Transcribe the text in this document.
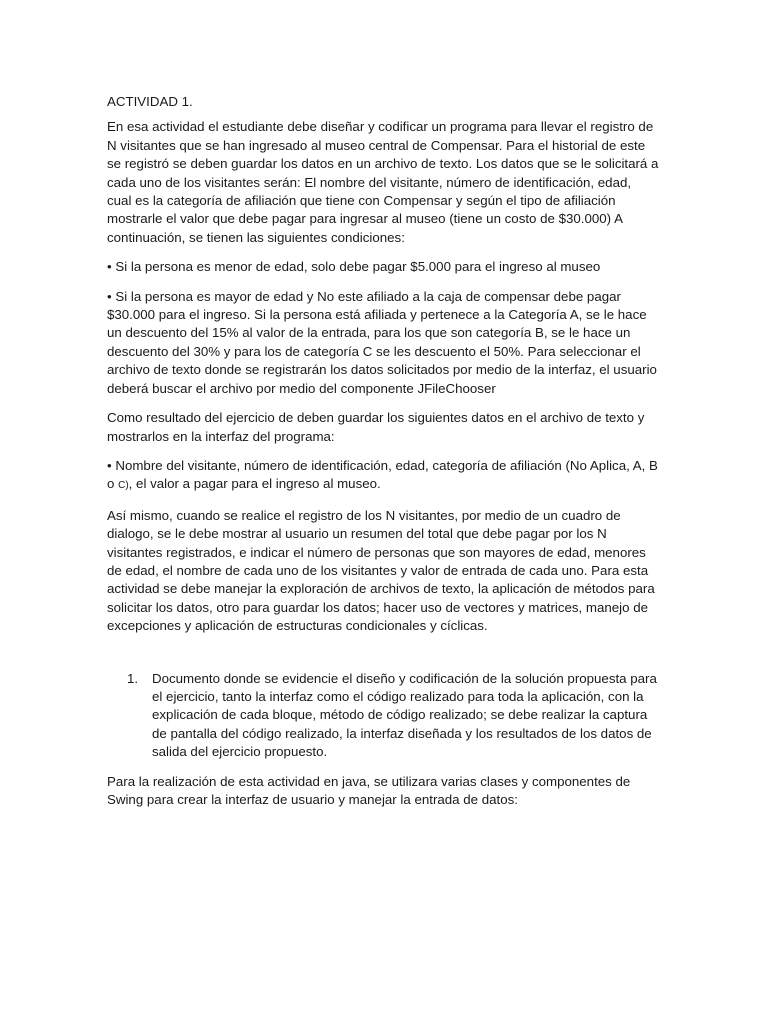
ACTIVIDAD 1.

En esa actividad el estudiante debe diseñar y codificar un programa para llevar el registro de N visitantes que se han ingresado al museo central de Compensar. Para el historial de este se registró se deben guardar los datos en un archivo de texto. Los datos que se le solicitará a cada uno de los visitantes serán: El nombre del visitante, número de identificación, edad, cual es la categoría de afiliación que tiene con Compensar y según el tipo de afiliación mostrarle el valor que debe pagar para ingresar al museo (tiene un costo de $30.000) A continuación, se tienen las siguientes condiciones:

• Si la persona es menor de edad, solo debe pagar $5.000 para el ingreso al museo

• Si la persona es mayor de edad y No este afiliado a la caja de compensar debe pagar $30.000 para el ingreso. Si la persona está afiliada y pertenece a la Categoría A, se le hace un descuento del 15% al valor de la entrada, para los que son categoría B, se le hace un descuento del 30% y para los de categoría C se les descuento el 50%. Para seleccionar el archivo de texto donde se registrarán los datos solicitados por medio de la interfaz, el usuario deberá buscar el archivo por medio del componente JFileChooser

Como resultado del ejercicio de deben guardar los siguientes datos en el archivo de texto y mostrarlos en la interfaz del programa:

• Nombre del visitante, número de identificación, edad, categoría de afiliación (No Aplica, A, B o C), el valor a pagar para el ingreso al museo.

Así mismo, cuando se realice el registro de los N visitantes, por medio de un cuadro de dialogo, se le debe mostrar al usuario un resumen del total que debe pagar por los N visitantes registrados, e indicar el número de personas que son mayores de edad, menores de edad, el nombre de cada uno de los visitantes y valor de entrada de cada uno. Para esta actividad se debe manejar la exploración de archivos de texto, la aplicación de métodos para solicitar los datos, otro para guardar los datos; hacer uso de vectores y matrices, manejo de excepciones y aplicación de estructuras condicionales y cíclicas.

1.	Documento donde se evidencie el diseño y codificación de la solución propuesta para el ejercicio, tanto la interfaz como el código realizado para toda la aplicación, con la explicación de cada bloque, método de código realizado; se debe realizar la captura de pantalla del código realizado, la interfaz diseñada y los resultados de los datos de salida del ejercicio propuesto.

Para la realización de esta actividad en java, se utilizara varias clases y componentes de Swing para crear la interfaz de usuario y manejar la entrada de datos:
